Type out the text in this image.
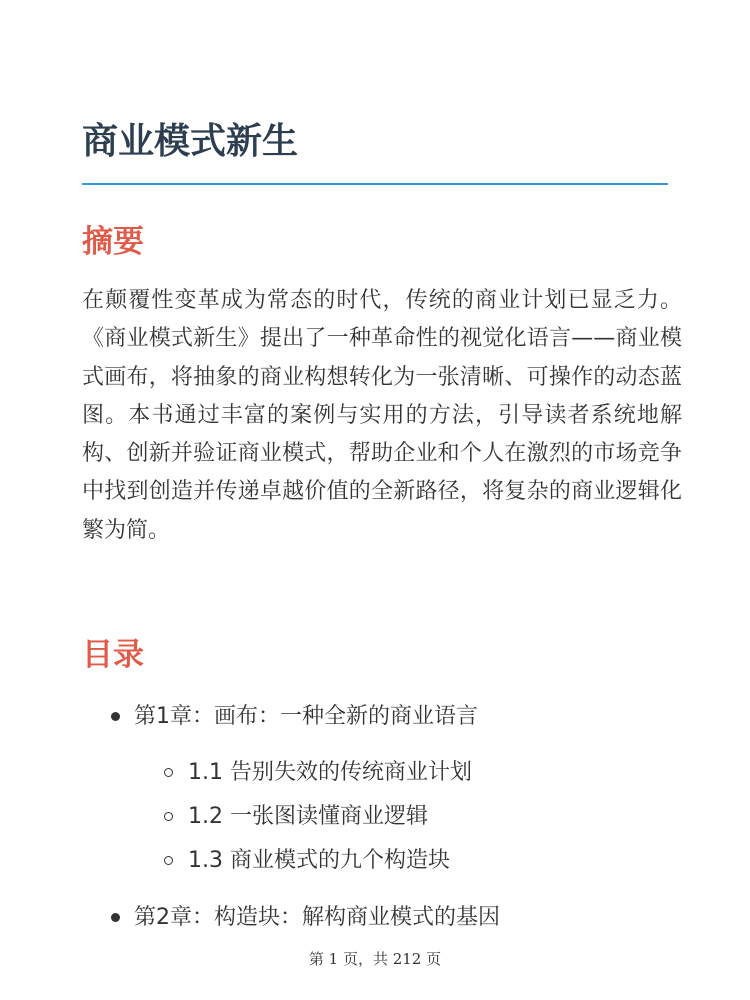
商业模式新生
摘要

在颠覆性变革成为常态的时代，传统的商业计划已显乏力。《商业模式新生》提出了一种革命性的视觉化语言——商业模式画布，将抽象的商业构想转化为一张清晰、可操作的动态蓝图。本书通过丰富的案例与实用的方法，引导读者系统地解构、创新并验证商业模式，帮助企业和个人在激烈的市场竞争中找到创造并传递卓越价值的全新路径，将复杂的商业逻辑化繁为简。

目录
第1章：画布：一种全新的商业语言
1.1 告别失效的传统商业计划
1.2 一张图读懂商业逻辑
1.3 商业模式的九个构造块
第2章：构造块：解构商业模式的基因
第 1 页，共 212 页
